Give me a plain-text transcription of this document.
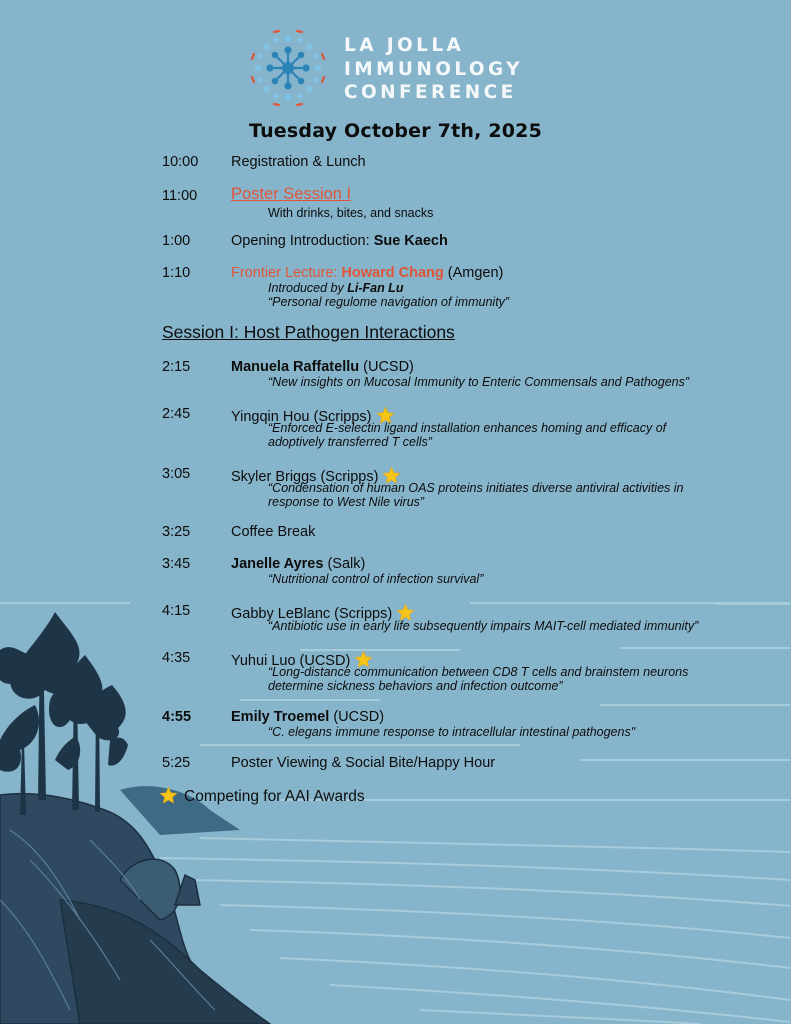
LA JOLLA
IMMUNOLOGY
CONFERENCE
Tuesday October 7th, 2025
10:00	Registration & Lunch
11:00	Poster Session I
With drinks, bites, and snacks
1:00	Opening Introduction: Sue Kaech
1:10	Frontier Lecture: Howard Chang (Amgen)
Introduced by Li-Fan Lu
“Personal regulome navigation of immunity”
Session I: Host Pathogen Interactions
2:15	Manuela Raffatellu (UCSD)
“New insights on Mucosal Immunity to Enteric Commensals and Pathogens”
2:45	Yingqin Hou (Scripps)
“Enforced E-selectin ligand installation enhances homing and efficacy of
adoptively transferred T cells”
3:05	Skyler Briggs (Scripps)
“Condensation of human OAS proteins initiates diverse antiviral activities in
response to West Nile virus”
3:25	Coffee Break
3:45	Janelle Ayres (Salk)
“Nutritional control of infection survival”
4:15	Gabby LeBlanc (Scripps)
“Antibiotic use in early life subsequently impairs MAIT-cell mediated immunity”
4:35	Yuhui Luo (UCSD)
“Long-distance communication between CD8 T cells and brainstem neurons
determine sickness behaviors and infection outcome”
4:55	Emily Troemel (UCSD)
“C. elegans immune response to intracellular intestinal pathogens"
5:25	Poster Viewing & Social Bite/Happy Hour
Competing for AAI Awards
